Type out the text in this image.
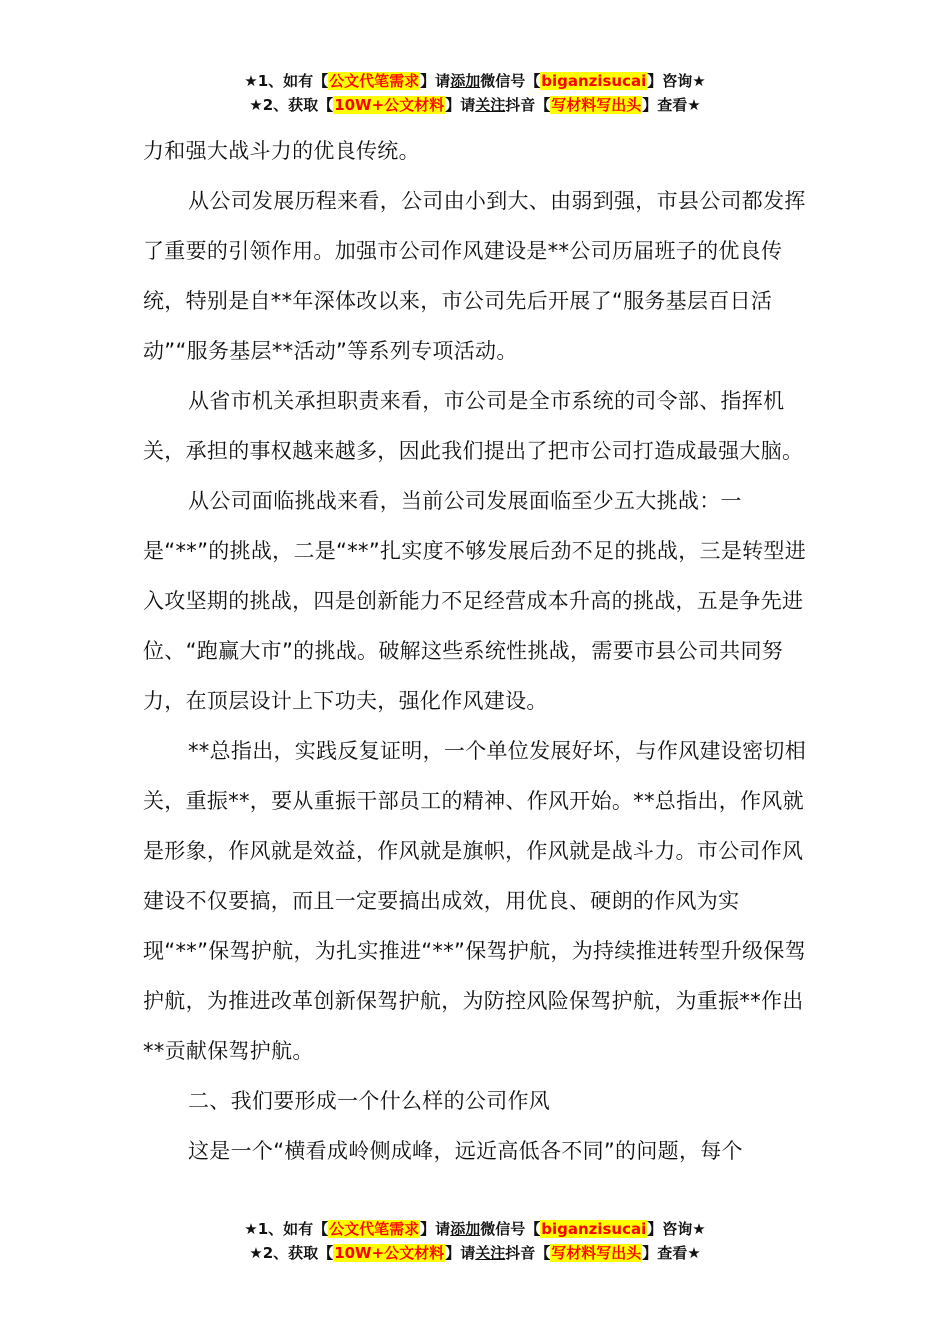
★1、如有【公文代笔需求】请添加微信号【biganzisucai】咨询★
★2、获取【10W+公文材料】请关注抖音【写材料写出头】查看★

力和强大战斗力的优良传统。

从公司发展历程来看，公司由小到大、由弱到强，市县公司都发挥了重要的引领作用。加强市公司作风建设是**公司历届班子的优良传统，特别是自**年深体改以来，市公司先后开展了“服务基层百日活动”“服务基层**活动”等系列专项活动。

从省市机关承担职责来看，市公司是全市系统的司令部、指挥机关，承担的事权越来越多，因此我们提出了把市公司打造成最强大脑。

从公司面临挑战来看，当前公司发展面临至少五大挑战：一是“**”的挑战，二是“**”扎实度不够发展后劲不足的挑战，三是转型进入攻坚期的挑战，四是创新能力不足经营成本升高的挑战，五是争先进位、“跑赢大市”的挑战。破解这些系统性挑战，需要市县公司共同努力，在顶层设计上下功夫，强化作风建设。

**总指出，实践反复证明，一个单位发展好坏，与作风建设密切相关，重振**，要从重振干部员工的精神、作风开始。**总指出，作风就是形象，作风就是效益，作风就是旗帜，作风就是战斗力。市公司作风建设不仅要搞，而且一定要搞出成效，用优良、硬朗的作风为实现“**”保驾护航，为扎实推进“**”保驾护航，为持续推进转型升级保驾护航，为推进改革创新保驾护航，为防控风险保驾护航，为重振**作出**贡献保驾护航。

二、我们要形成一个什么样的公司作风

这是一个“横看成岭侧成峰，远近高低各不同”的问题，每个

★1、如有【公文代笔需求】请添加微信号【biganzisucai】咨询★
★2、获取【10W+公文材料】请关注抖音【写材料写出头】查看★
